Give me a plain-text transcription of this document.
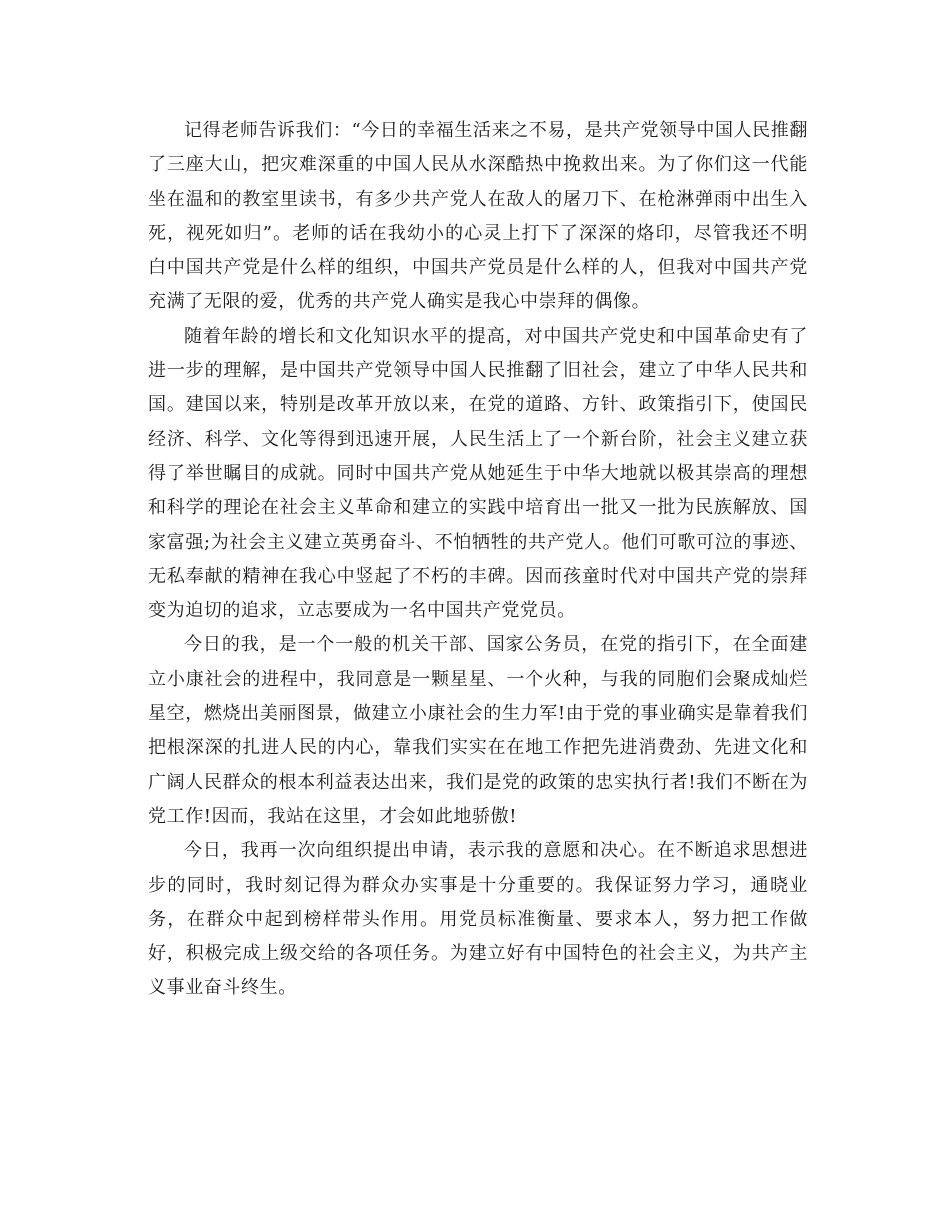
记得老师告诉我们：“今日的幸福生活来之不易，是共产党领导中国人民推翻了三座大山，把灾难深重的中国人民从水深酷热中挽救出来。为了你们这一代能坐在温和的教室里读书，有多少共产党人在敌人的屠刀下、在枪淋弹雨中出生入死，视死如归”。老师的话在我幼小的心灵上打下了深深的烙印，尽管我还不明白中国共产党是什么样的组织，中国共产党员是什么样的人，但我对中国共产党充满了无限的爱，优秀的共产党人确实是我心中崇拜的偶像。

随着年龄的增长和文化知识水平的提高，对中国共产党史和中国革命史有了进一步的理解，是中国共产党领导中国人民推翻了旧社会，建立了中华人民共和国。建国以来，特别是改革开放以来，在党的道路、方针、政策指引下，使国民经济、科学、文化等得到迅速开展，人民生活上了一个新台阶，社会主义建立获得了举世瞩目的成就。同时中国共产党从她延生于中华大地就以极其崇高的理想和科学的理论在社会主义革命和建立的实践中培育出一批又一批为民族解放、国家富强;为社会主义建立英勇奋斗、不怕牺牲的共产党人。他们可歌可泣的事迹、无私奉献的精神在我心中竖起了不朽的丰碑。因而孩童时代对中国共产党的崇拜变为迫切的追求，立志要成为一名中国共产党党员。

今日的我，是一个一般的机关干部、国家公务员，在党的指引下，在全面建立小康社会的进程中，我同意是一颗星星、一个火种，与我的同胞们会聚成灿烂星空，燃烧出美丽图景，做建立小康社会的生力军!由于党的事业确实是靠着我们把根深深的扎进人民的内心，靠我们实实在在地工作把先进消费劲、先进文化和广阔人民群众的根本利益表达出来，我们是党的政策的忠实执行者!我们不断在为党工作!因而，我站在这里，才会如此地骄傲!

今日，我再一次向组织提出申请，表示我的意愿和决心。在不断追求思想进步的同时，我时刻记得为群众办实事是十分重要的。我保证努力学习，通晓业务，在群众中起到榜样带头作用。用党员标准衡量、要求本人，努力把工作做好，积极完成上级交给的各项任务。为建立好有中国特色的社会主义，为共产主义事业奋斗终生。
